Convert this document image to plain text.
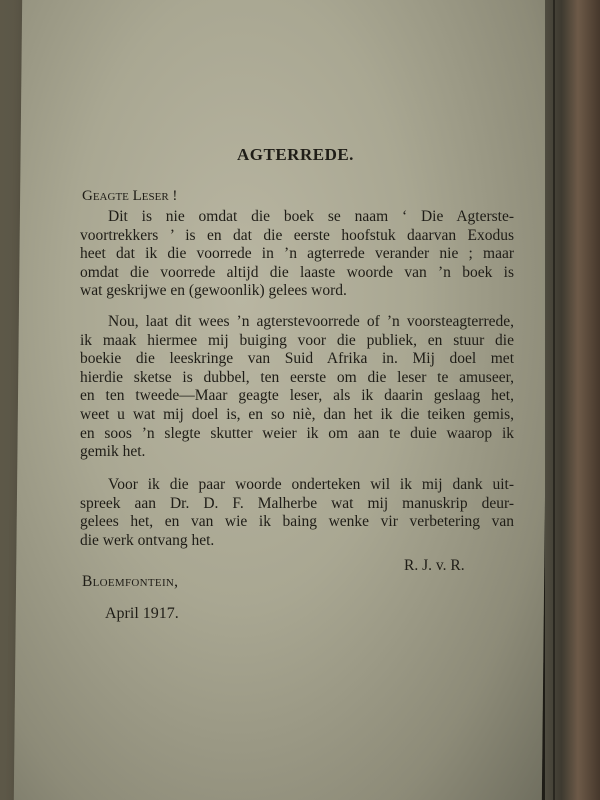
AGTERREDE.
Geagte Leser !
Dit is nie omdat die boek se naam ‘ Die Agterste-
voortrekkers ’ is en dat die eerste hoofstuk daarvan Exodus
heet dat ik die voorrede in ’n agterrede verander nie ; maar
omdat die voorrede altijd die laaste woorde van ’n boek is
wat geskrijwe en (gewoonlik) gelees word.
Nou, laat dit wees ’n agterstevoorrede of ’n voorsteagterrede,
ik maak hiermee mij buiging voor die publiek, en stuur die
boekie die leeskringe van Suid Afrika in. Mij doel met
hierdie sketse is dubbel, ten eerste om die leser te amuseer,
en ten tweede—Maar geagte leser, als ik daarin geslaag het,
weet u wat mij doel is, en so niè, dan het ik die teiken gemis,
en soos ’n slegte skutter weier ik om aan te duie waarop ik
gemik het.
Voor ik die paar woorde onderteken wil ik mij dank uit-
spreek aan Dr. D. F. Malherbe wat mij manuskrip deur-
gelees het, en van wie ik baing wenke vir verbetering van
die werk ontvang het.
R. J. v. R.
Bloemfontein,
April 1917.
